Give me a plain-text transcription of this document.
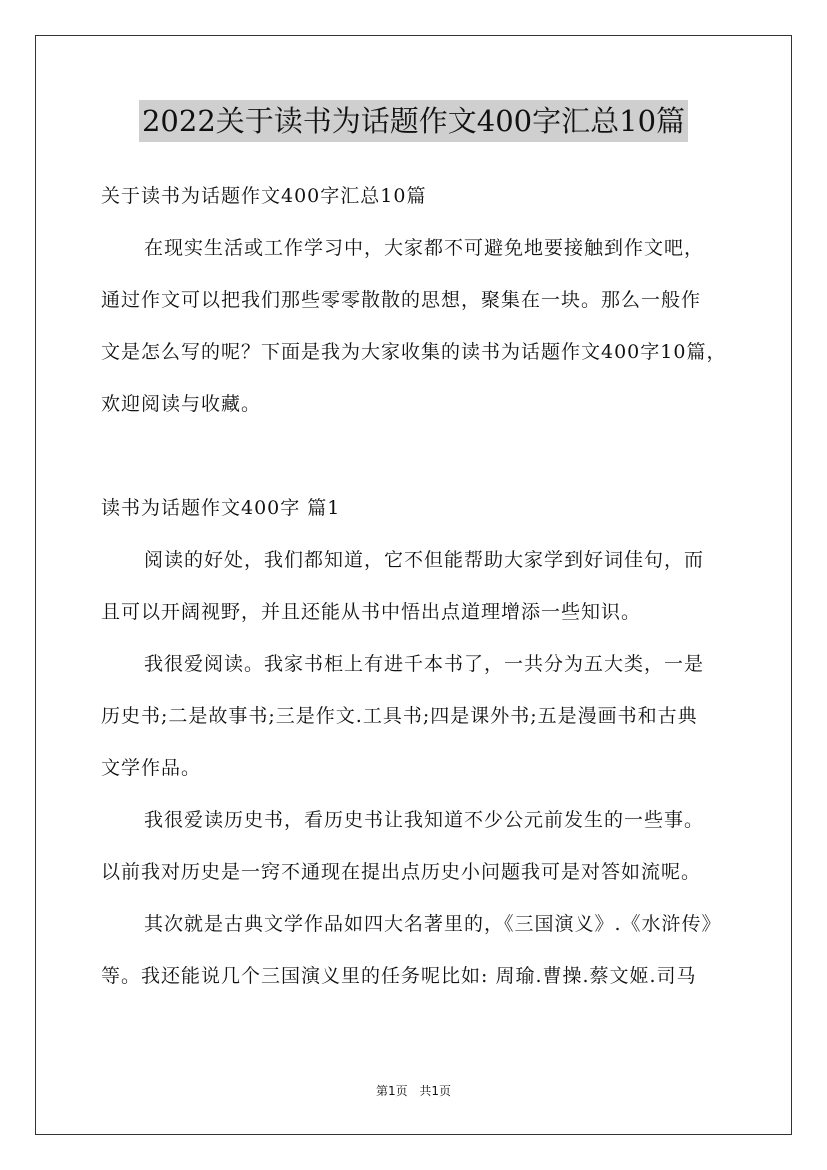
2022关于读书为话题作文400字汇总10篇
关于读书为话题作文400字汇总10篇
在现实生活或工作学习中，大家都不可避免地要接触到作文吧，
通过作文可以把我们那些零零散散的思想，聚集在一块。那么一般作
文是怎么写的呢？下面是我为大家收集的读书为话题作文400字10篇，
欢迎阅读与收藏。
读书为话题作文400字 篇1
阅读的好处，我们都知道，它不但能帮助大家学到好词佳句，而
且可以开阔视野，并且还能从书中悟出点道理增添一些知识。
我很爱阅读。我家书柜上有进千本书了，一共分为五大类，一是
历史书;二是故事书;三是作文.工具书;四是课外书;五是漫画书和古典
文学作品。
我很爱读历史书，看历史书让我知道不少公元前发生的一些事。
以前我对历史是一窍不通现在提出点历史小问题我可是对答如流呢。
其次就是古典文学作品如四大名著里的，《三国演义》.《水浒传》
等。我还能说几个三国演义里的任务呢比如: 周瑜.曹操.蔡文姬.司马
第1页 共1页
